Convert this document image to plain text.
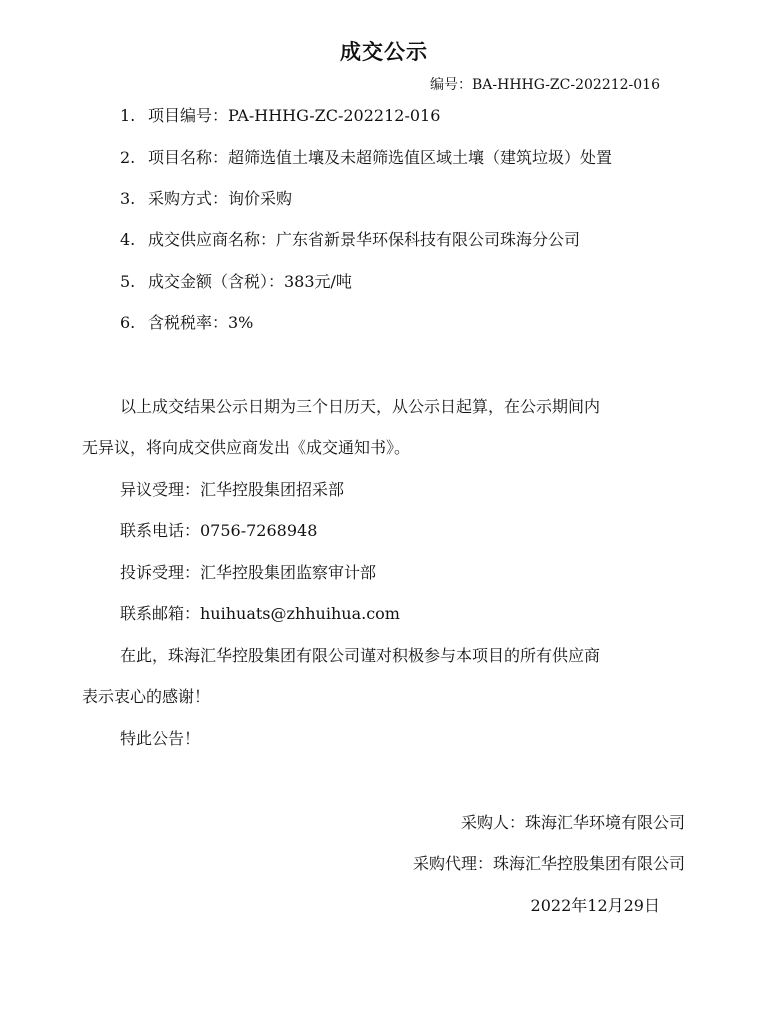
成交公示
编号：BA-HHHG-ZC-202212-016
1. 项目编号：PA-HHHG-ZC-202212-016
2. 项目名称：超筛选值土壤及未超筛选值区域土壤（建筑垃圾）处置
3. 采购方式：询价采购
4. 成交供应商名称：广东省新景华环保科技有限公司珠海分公司
5. 成交金额（含税）：383元/吨
6. 含税税率：3%
以上成交结果公示日期为三个日历天，从公示日起算，在公示期间内
无异议，将向成交供应商发出《成交通知书》。
异议受理：汇华控股集团招采部
联系电话：0756-7268948
投诉受理：汇华控股集团监察审计部
联系邮箱：huihuats@zhhuihua.com
在此，珠海汇华控股集团有限公司谨对积极参与本项目的所有供应商
表示衷心的感谢！
特此公告！
采购人：珠海汇华环境有限公司
采购代理：珠海汇华控股集团有限公司
2022年12月29日
